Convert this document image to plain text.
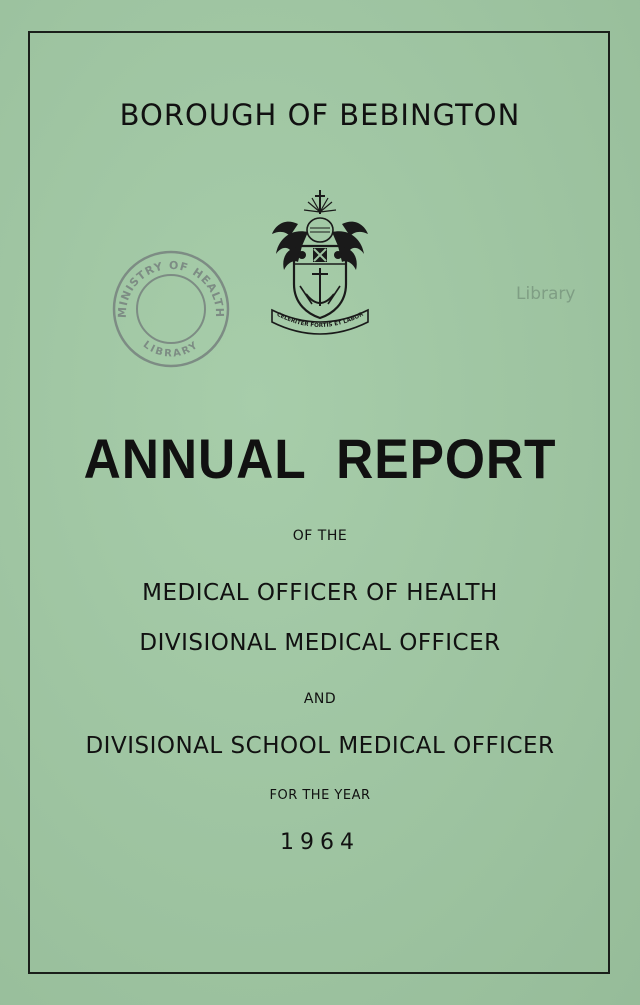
BOROUGH OF BEBINGTON
MINISTRY OF HEALTH
LIBRARY
CELERITER FORTIS ET LABOR
Library
ANNUAL  REPORT
OF THE
MEDICAL OFFICER OF HEALTH
DIVISIONAL MEDICAL OFFICER
AND
DIVISIONAL SCHOOL MEDICAL OFFICER
FOR THE YEAR
1964
